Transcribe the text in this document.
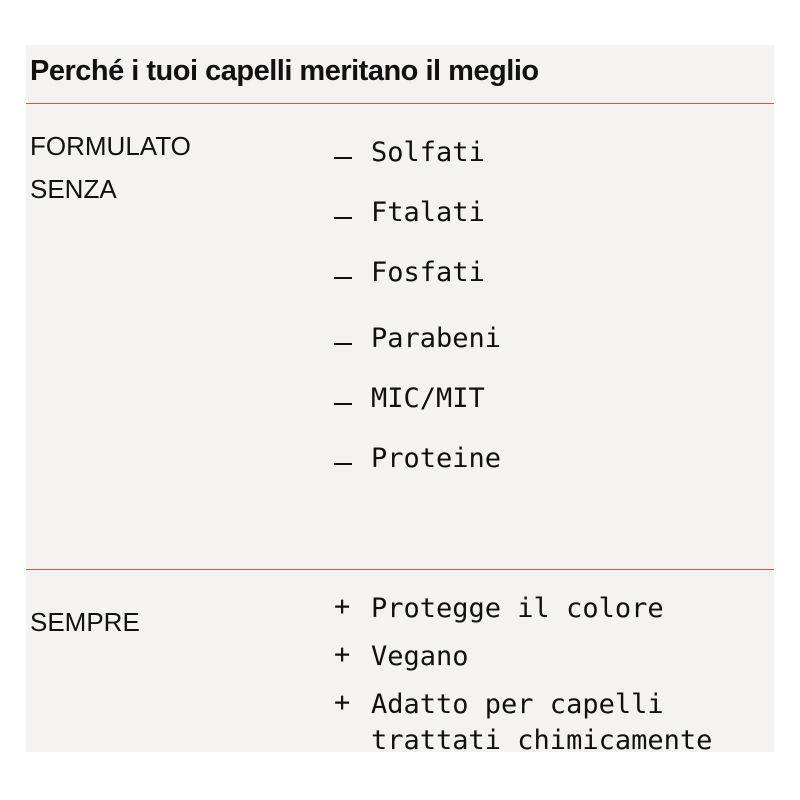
Perché i tuoi capelli meritano il meglio
FORMULATO
SENZA
Solfati
Ftalati
Fosfati
Parabeni
MIC/MIT
Proteine
SEMPRE	+ Protegge il colore
+ Vegano
+ Adatto per capelli
trattati chimicamente
